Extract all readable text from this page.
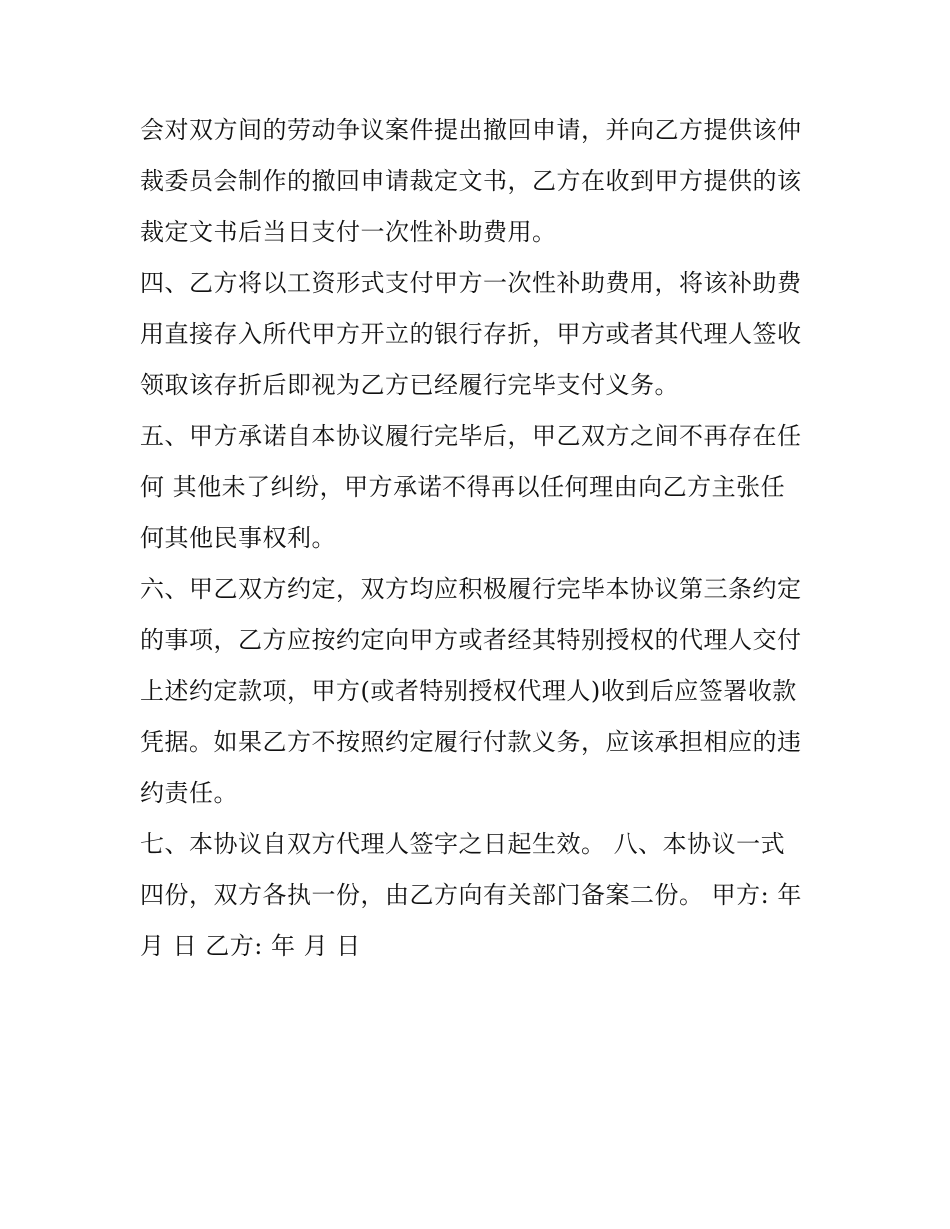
会对双方间的劳动争议案件提出撤回申请，并向乙方提供该仲
裁委员会制作的撤回申请裁定文书，乙方在收到甲方提供的该
裁定文书后当日支付一次性补助费用。
四、乙方将以工资形式支付甲方一次性补助费用，将该补助费
用直接存入所代甲方开立的银行存折，甲方或者其代理人签收
领取该存折后即视为乙方已经履行完毕支付义务。
五、甲方承诺自本协议履行完毕后，甲乙双方之间不再存在任
何 其他未了纠纷，甲方承诺不得再以任何理由向乙方主张任
何其他民事权利。
六、甲乙双方约定，双方均应积极履行完毕本协议第三条约定
的事项，乙方应按约定向甲方或者经其特别授权的代理人交付
上述约定款项，甲方(或者特别授权代理人)收到后应签署收款
凭据。如果乙方不按照约定履行付款义务，应该承担相应的违
约责任。
七、本协议自双方代理人签字之日起生效。 八、本协议一式
四份，双方各执一份，由乙方向有关部门备案二份。 甲方: 年
月 日 乙方: 年 月 日
